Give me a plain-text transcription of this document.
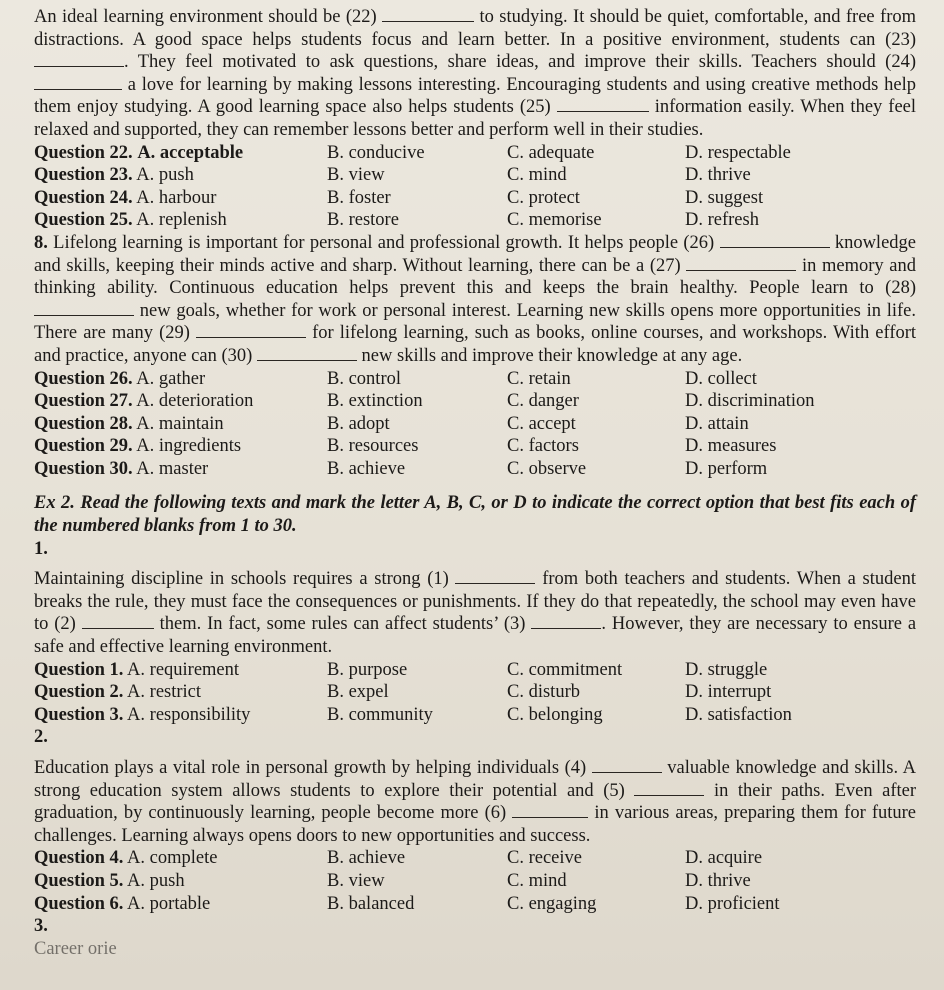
An ideal learning environment should be (22)	to studying. It should be quiet, comfortable, and free from distractions. A good space helps students focus and learn better. In a positive environment, students can (23) . They feel motivated to ask questions, share ideas, and improve their skills. Teachers should (24)  a love for learning by making lessons interesting. Encouraging students and using creative methods help them enjoy studying. A good learning space also helps students (25)	information easily. When they feel relaxed and supported, they can remember lessons better and perform well in their studies.

Question 22. A. acceptable	B. conducive	C. adequate	D. respectable
Question 23. A. push	B. view	C. mind	D. thrive
Question 24. A. harbour	B. foster	C. protect	D. suggest
Question 25. A. replenish	B. restore	C. memorise	D. refresh

8. Lifelong learning is important for personal and professional growth. It helps people (26)	knowledge and skills, keeping their minds active and sharp. Without learning, there can be a (27)	in memory and thinking ability. Continuous education helps prevent this and keeps the brain healthy. People learn to (28)  new goals, whether for work or personal interest. Learning new skills opens more opportunities in life. There are many (29)	for lifelong learning, such as books, online courses, and workshops. With effort and practice, anyone can (30)	new skills and improve their knowledge at any age.

Question 26. A. gather	B. control	C. retain	D. collect
Question 27. A. deterioration	B. extinction	C. danger	D. discrimination
Question 28. A. maintain	B. adopt	C. accept	D. attain
Question 29. A. ingredients	B. resources	C. factors	D. measures
Question 30. A. master	B. achieve	C. observe	D. perform

Ex 2. Read the following texts and mark the letter A, B, C, or D to indicate the correct option that best fits each of the numbered blanks from 1 to 30.

1.

Maintaining discipline in schools requires a strong (1)	from both teachers and students. When a student breaks the rule, they must face the consequences or punishments. If they do that repeatedly, the school may even have to (2)	them. In fact, some rules can affect students’ (3)	. However, they are necessary to ensure a safe and effective learning environment.

Question 1. A. requirement	B. purpose	C. commitment	D. struggle
Question 2. A. restrict	B. expel	C. disturb	D. interrupt
Question 3. A. responsibility	B. community	C. belonging	D. satisfaction
2.

Education plays a vital role in personal growth by helping individuals (4)	valuable knowledge and skills. A strong education system allows students to explore their potential and (5)	in their paths. Even after graduation, by continuously learning, people become more (6)	in various areas, preparing them for future challenges. Learning always opens doors to new opportunities and success.

Question 4. A. complete	B. achieve	C. receive	D. acquire
Question 5. A. push	B. view	C. mind	D. thrive
Question 6. A. portable	B. balanced	C. engaging	D. proficient
3.
Career orie
